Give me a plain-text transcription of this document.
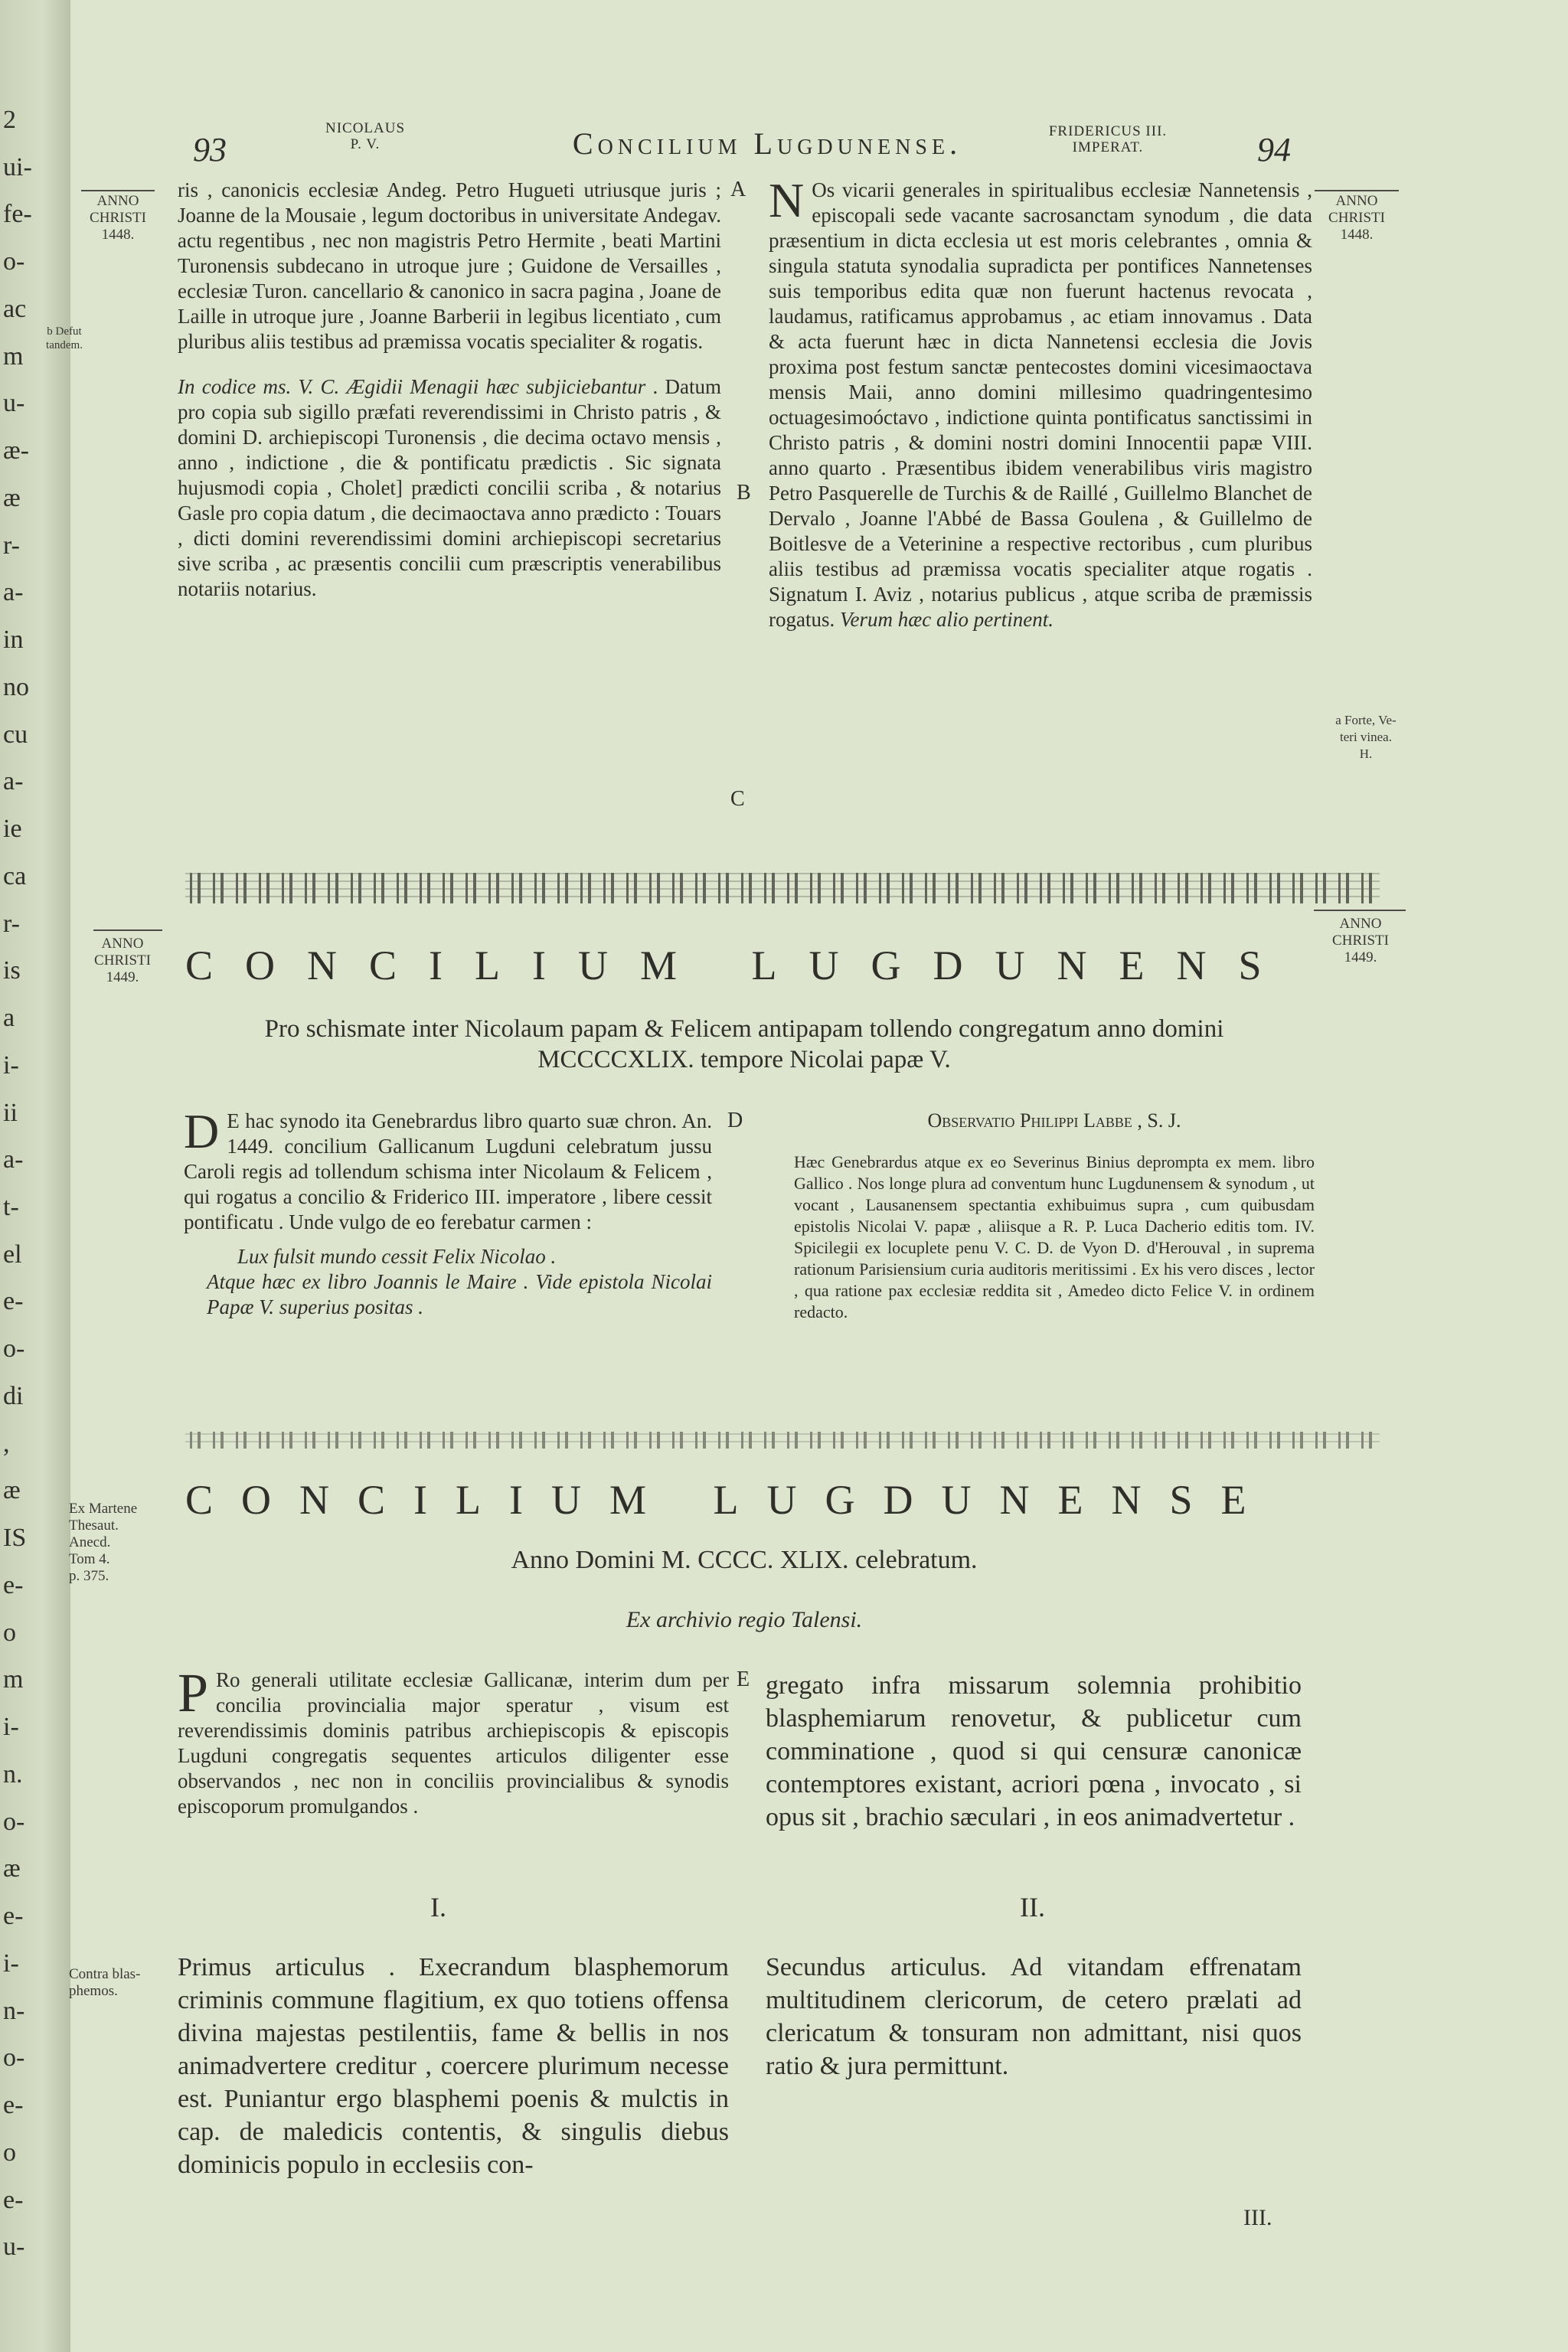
2
ui-
fe-
o-
ac
m
u-
æ-
æ
r-
a-
in
no
cu
a-
ie
ca
r-
is
a
i-
ii
a-
t-
el
e-
o-
di
,
æ
IS
e-
o
m
i-
n.
o-
æ
e-
i-
n-
o-
e-
o
e-
u-
93
NICOLAUS
P. V.	Concilium Lugdunense.	FRIDERICUS III.
IMPERAT.	94
ANNO
CHRISTI
1448.
ANNO
CHRISTI
1448.
b Defut
tandem.
a Forte, Ve-
teri vinea.
H.
A
B
C

ris , canonicis ecclesiæ Andeg. Petro Hugueti utriusque juris ; Joanne de la Mousaie , legum doctoribus in universitate Andegav. actu regentibus , nec non magistris Petro Hermite , beati Martini Turonensis subdecano in utroque jure ; Guidone de Versailles , ecclesiæ Turon. cancellario & canonico in sacra pagina , Joane de Laille in utroque jure , Joanne Barberii in legibus licentiato , cum pluribus aliis testibus ad præmissa vocatis specialiter & rogatis.

In codice ms. V. C. Ægidii Menagii hæc subjiciebantur . Datum pro copia sub sigillo præfati reverendissimi in Christo patris , & domini D. archiepiscopi Turonensis , die decima octavo mensis , anno , indictione , die & pontificatu prædictis . Sic signata hujusmodi copia , Cholet] prædicti concilii scriba , & notarius Gasle pro copia datum , die decimaoctava anno prædicto : Touars , dicti domini reverendissimi domini archiepiscopi secretarius sive scriba , ac præsentis concilii cum præscriptis venerabilibus notariis notarius.

N Os vicarii generales in spiritualibus ecclesiæ Nannetensis , episcopali sede vacante sacrosanctam synodum , die data præsentium in dicta ecclesia ut est moris celebrantes , omnia & singula statuta synodalia supradicta per pontifices Nannetenses suis temporibus edita quæ non fuerunt hactenus revocata , laudamus, ratificamus approbamus , ac etiam innovamus . Data & acta fuerunt hæc in dicta Nannetensi ecclesia die Jovis proxima post festum sanctæ pentecostes domini vicesimaoctava mensis Maii, anno domini millesimo quadringentesimo octuagesimoóctavo , indictione quinta pontificatus sanctissimi in Christo patris , & domini nostri domini Innocentii papæ VIII. anno quarto . Præsentibus ibidem venerabilibus viris magistro Petro Pasquerelle de Turchis & de Raillé , Guillelmo Blanchet de Dervalo , Joanne l'Abbé de Bassa Goulena , & Guillelmo de Boitlesve de a Veterinine a respective rectoribus , cum pluribus aliis testibus ad præmissa vocatis specialiter atque rogatis . Signatum I. Aviz , notarius publicus , atque scriba de præmissis rogatus. Verum hæc alio pertinent.

ANNO
CHRISTI
1449.
ANNO
CHRISTI
1449.
CONCILIUM LUGDUNENS
Pro schismate inter Nicolaum papam & Felicem antipapam tollendo congregatum anno domini MCCCCXLIX. tempore Nicolai papæ V.
D

D E hac synodo ita Genebrardus libro quarto suæ chron. An. 1449. concilium Gallicanum Lugduni celebratum jussu Caroli regis ad tollendum schisma inter Nicolaum & Felicem , qui rogatus a concilio & Friderico III. imperatore , libere cessit pontificatu . Unde vulgo de eo ferebatur carmen :

Lux fulsit mundo cessit Felix Nicolao .

Atque hæc ex libro Joannis le Maire . Vide epistola Nicolai Papæ V. superius positas .

Observatio Philippi Labbe , S. J.

Hæc Genebrardus atque ex eo Severinus Binius deprompta ex mem. libro Gallico . Nos longe plura ad conventum hunc Lugdunensem & synodum , ut vocant , Lausanensem spectantia exhibuimus supra , cum quibusdam epistolis Nicolai V. papæ , aliisque a R. P. Luca Dacherio editis tom. IV. Spicilegii ex locuplete penu V. C. D. de Vyon D. d'Herouval , in suprema rationum Parisiensium curia auditoris meritissimi . Ex his vero disces , lector , qua ratione pax ecclesiæ reddita sit , Amedeo dicto Felice V. in ordinem redacto.

Ex Martene
Thesaut.
Anecd.
Tom 4.
p. 375.
CONCILIUM LUGDUNENSE
Anno Domini M. CCCC. XLIX. celebratum.
Ex archivio regio Talensi.
E

P Ro generali utilitate ecclesiæ Gallicanæ, interim dum per concilia provincialia major speratur , visum est reverendissimis dominis patribus archiepiscopis & episcopis Lugduni congregatis sequentes articulos diligenter esse observandos , nec non in conciliis provincialibus & synodis episcoporum promulgandos .

I.
Contra blas-
phemos.

Primus articulus . Execrandum blasphemorum criminis commune flagitium, ex quo totiens offensa divina majestas pestilentiis, fame & bellis in nos animadvertere creditur , coercere plurimum necesse est. Puniantur ergo blasphemi poenis & mulctis in cap. de maledicis contentis, & singulis diebus dominicis populo in ecclesiis con-

gregato infra missarum solemnia prohibitio blasphemiarum renovetur, & publicetur cum comminatione , quod si qui censuræ canonicæ contemptores existant, acriori pœna , invocato , si opus sit , brachio sæculari , in eos animadvertetur .

II.

Secundus articulus. Ad vitandam effrenatam multitudinem clericorum, de cetero prælati ad clericatum & tonsuram non admittant, nisi quos ratio & jura permittunt.

III.
